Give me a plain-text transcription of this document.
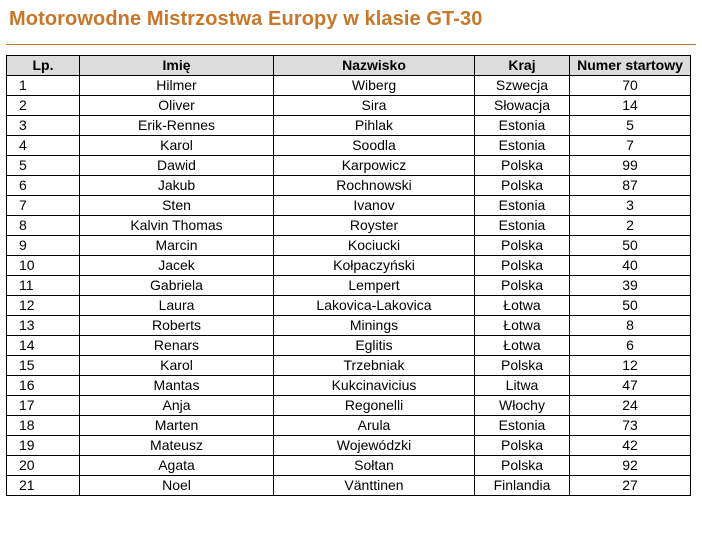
Motorowodne Mistrzostwa Europy w klasie GT-30
Lp.	Imię	Nazwisko	Kraj	Numer startowy
1	Hilmer	Wiberg	Szwecja	70
2	Oliver	Sira	Słowacja	14
3	Erik-Rennes	Pihlak	Estonia	5
4	Karol	Soodla	Estonia	7
5	Dawid	Karpowicz	Polska	99
6	Jakub	Rochnowski	Polska	87
7	Sten	Ivanov	Estonia	3
8	Kalvin Thomas	Royster	Estonia	2
9	Marcin	Kociucki	Polska	50
10	Jacek	Kołpaczyński	Polska	40
11	Gabriela	Lempert	Polska	39
12	Laura	Lakovica-Lakovica	Łotwa	50
13	Roberts	Minings	Łotwa	8
14	Renars	Eglitis	Łotwa	6
15	Karol	Trzebniak	Polska	12
16	Mantas	Kukcinavicius	Litwa	47
17	Anja	Regonelli	Włochy	24
18	Marten	Arula	Estonia	73
19	Mateusz	Wojewódzki	Polska	42
20	Agata	Sołtan	Polska	92
21	Noel	Vänttinen	Finlandia	27
